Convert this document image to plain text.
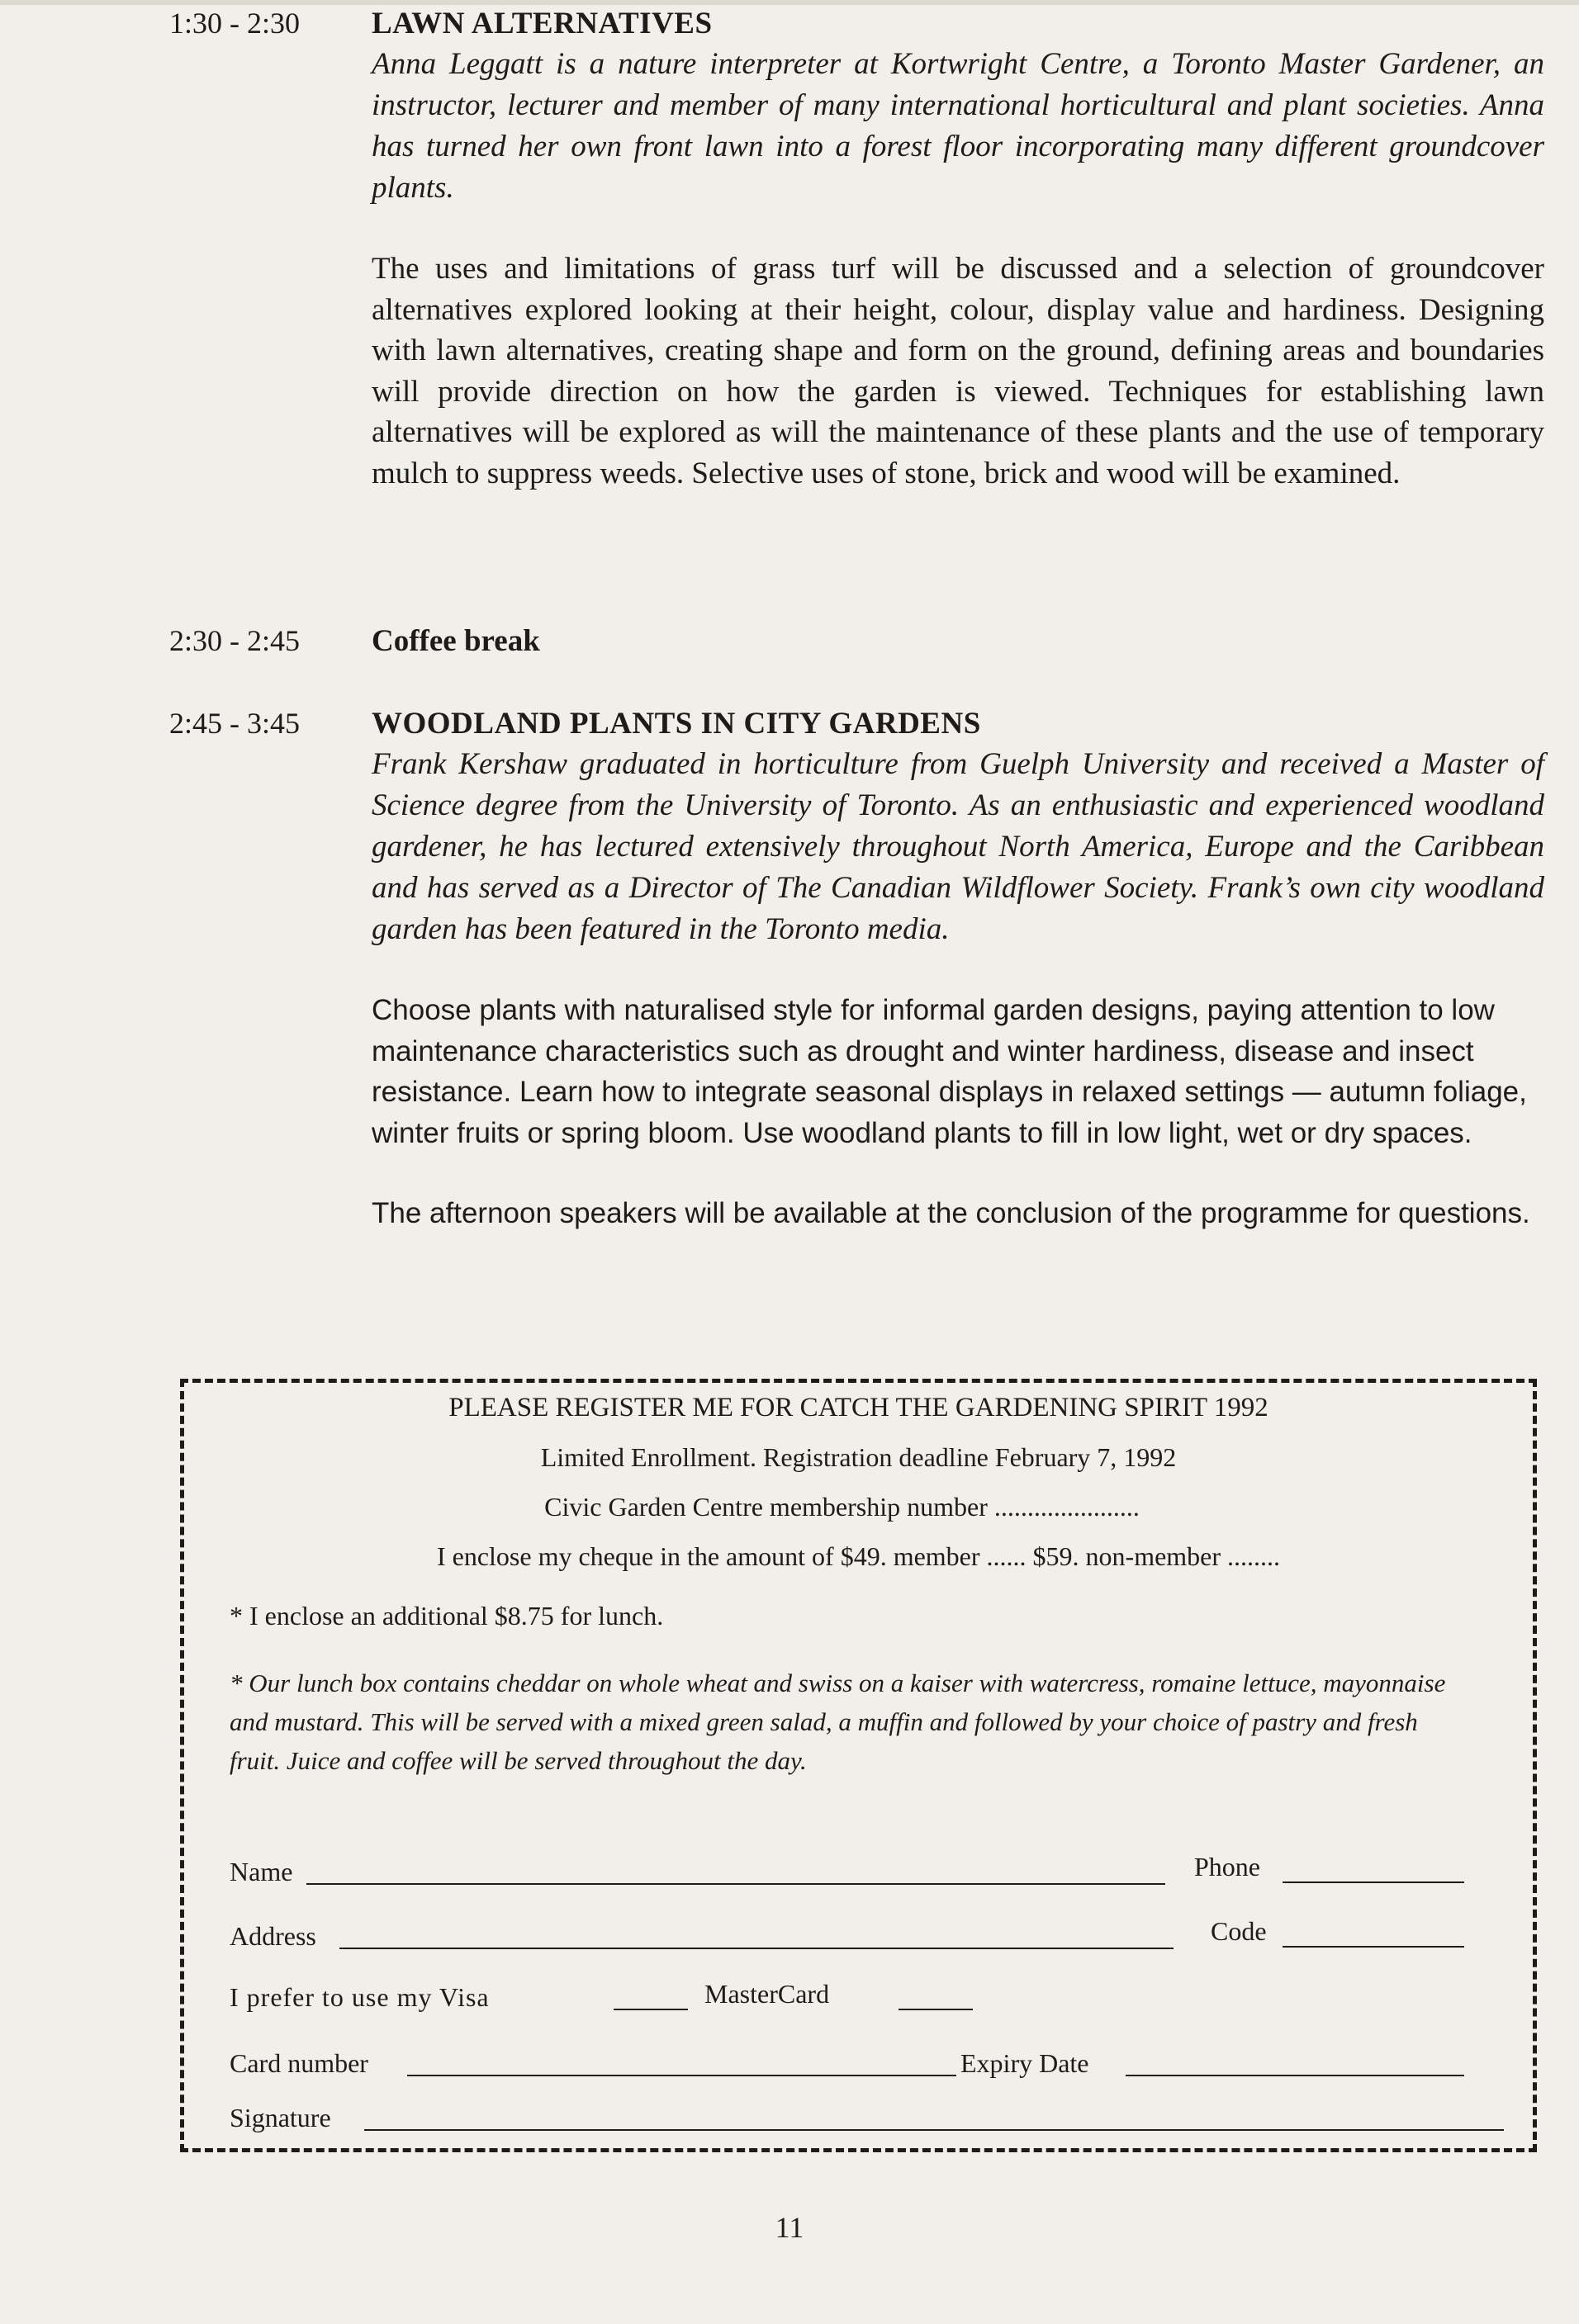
1:30 - 2:30 LAWN ALTERNATIVES

Anna Leggatt is a nature interpreter at Kortwright Centre, a Toronto Master Gardener, an instructor, lecturer and member of many international horticultural and plant societies. Anna has turned her own front lawn into a forest floor incorporating many different groundcover plants.

The uses and limitations of grass turf will be discussed and a selection of groundcover alternatives explored looking at their height, colour, display value and hardiness. Designing with lawn alternatives, creating shape and form on the ground, defining areas and boundaries will provide direction on how the garden is viewed. Techniques for establishing lawn alternatives will be explored as will the maintenance of these plants and the use of temporary mulch to suppress weeds. Selective uses of stone, brick and wood will be examined.

2:30 - 2:45 Coffee break
2:45 - 3:45 WOODLAND PLANTS IN CITY GARDENS

Frank Kershaw graduated in horticulture from Guelph University and received a Master of Science degree from the University of Toronto. As an enthusiastic and experienced woodland gardener, he has lectured extensively throughout North America, Europe and the Caribbean and has served as a Director of The Canadian Wildflower Society. Frank’s own city woodland garden has been featured in the Toronto media.

Choose plants with naturalised style for informal garden designs, paying attention to low maintenance characteristics such as drought and winter hardiness, disease and insect resistance. Learn how to integrate seasonal displays in relaxed settings — autumn foliage, winter fruits or spring bloom. Use woodland plants to fill in low light, wet or dry spaces.

The afternoon speakers will be available at the conclusion of the programme for questions.

PLEASE REGISTER ME FOR CATCH THE GARDENING SPIRIT 1992
Limited Enrollment. Registration deadline February 7, 1992
Civic Garden Centre membership number ......................
I enclose my cheque in the amount of $49. member ...... $59. non-member ........
* I enclose an additional $8.75 for lunch.
* Our lunch box contains cheddar on whole wheat and swiss on a kaiser with watercress, romaine lettuce, mayonnaise and mustard. This will be served with a mixed green salad, a muffin and followed by your choice of pastry and fresh fruit. Juice and coffee will be served throughout the day.
Name	Phone
Address	Code
I prefer to use my Visa	MasterCard
Card number	Expiry Date
Signature
11
